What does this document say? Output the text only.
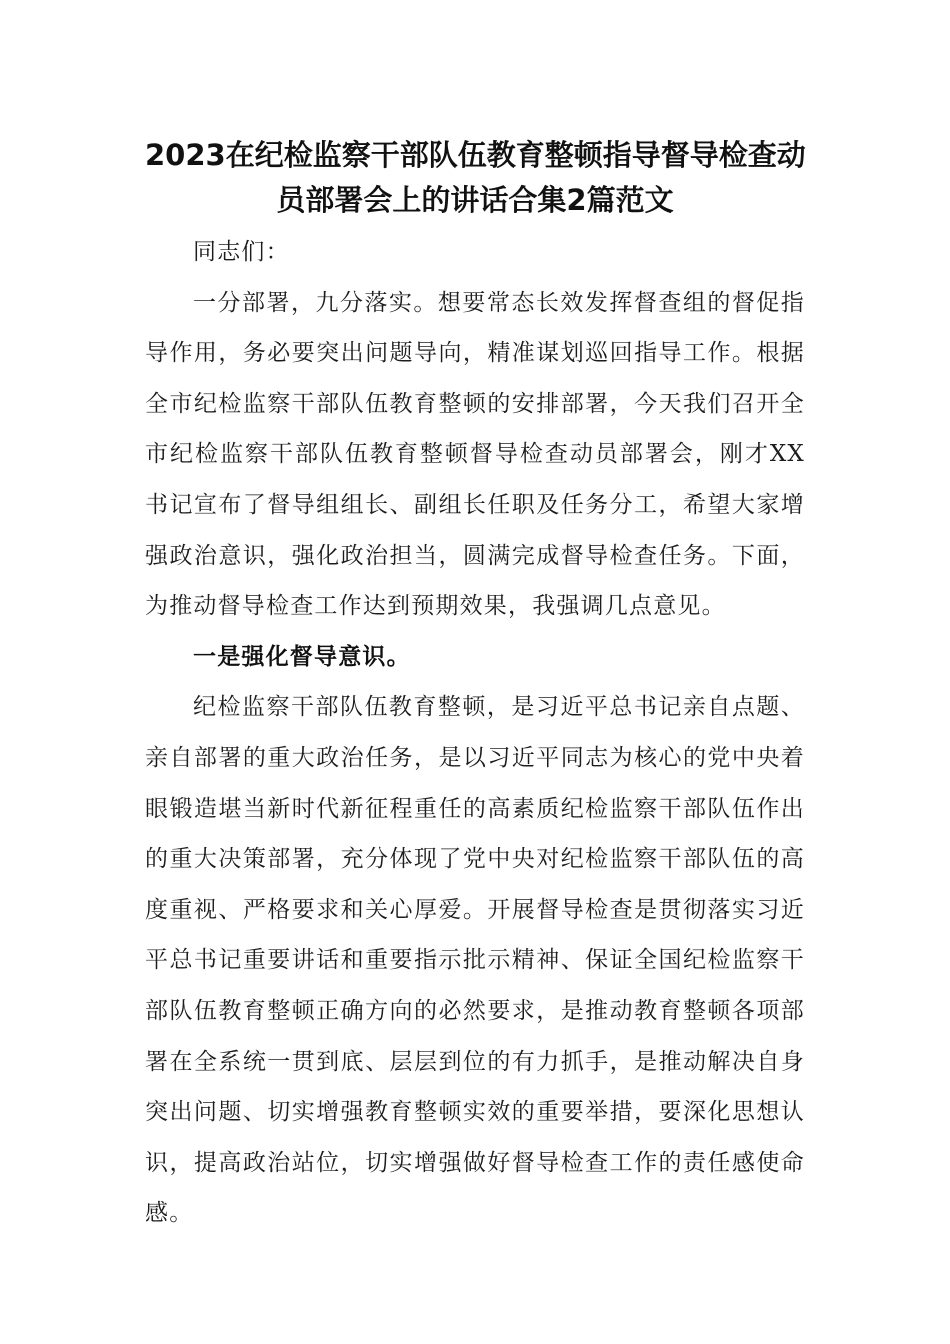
2023在纪检监察干部队伍教育整顿指导督导检查动
员部署会上的讲话合集2篇范文

同志们：

一分部署，九分落实。想要常态长效发挥督查组的督促指导作用，务必要突出问题导向，精准谋划巡回指导工作。根据全市纪检监察干部队伍教育整顿的安排部署，今天我们召开全市纪检监察干部队伍教育整顿督导检查动员部署会，刚才XX书记宣布了督导组组长、副组长任职及任务分工，希望大家增强政治意识，强化政治担当，圆满完成督导检查任务。下面，为推动督导检查工作达到预期效果，我强调几点意见。

一是强化督导意识。

纪检监察干部队伍教育整顿，是习近平总书记亲自点题、亲自部署的重大政治任务，是以习近平同志为核心的党中央着眼锻造堪当新时代新征程重任的高素质纪检监察干部队伍作出的重大决策部署，充分体现了党中央对纪检监察干部队伍的高度重视、严格要求和关心厚爱。开展督导检查是贯彻落实习近平总书记重要讲话和重要指示批示精神、保证全国纪检监察干部队伍教育整顿正确方向的必然要求，是推动教育整顿各项部署在全系统一贯到底、层层到位的有力抓手，是推动解决自身突出问题、切实增强教育整顿实效的重要举措，要深化思想认识，提高政治站位，切实增强做好督导检查工作的责任感使命感。
